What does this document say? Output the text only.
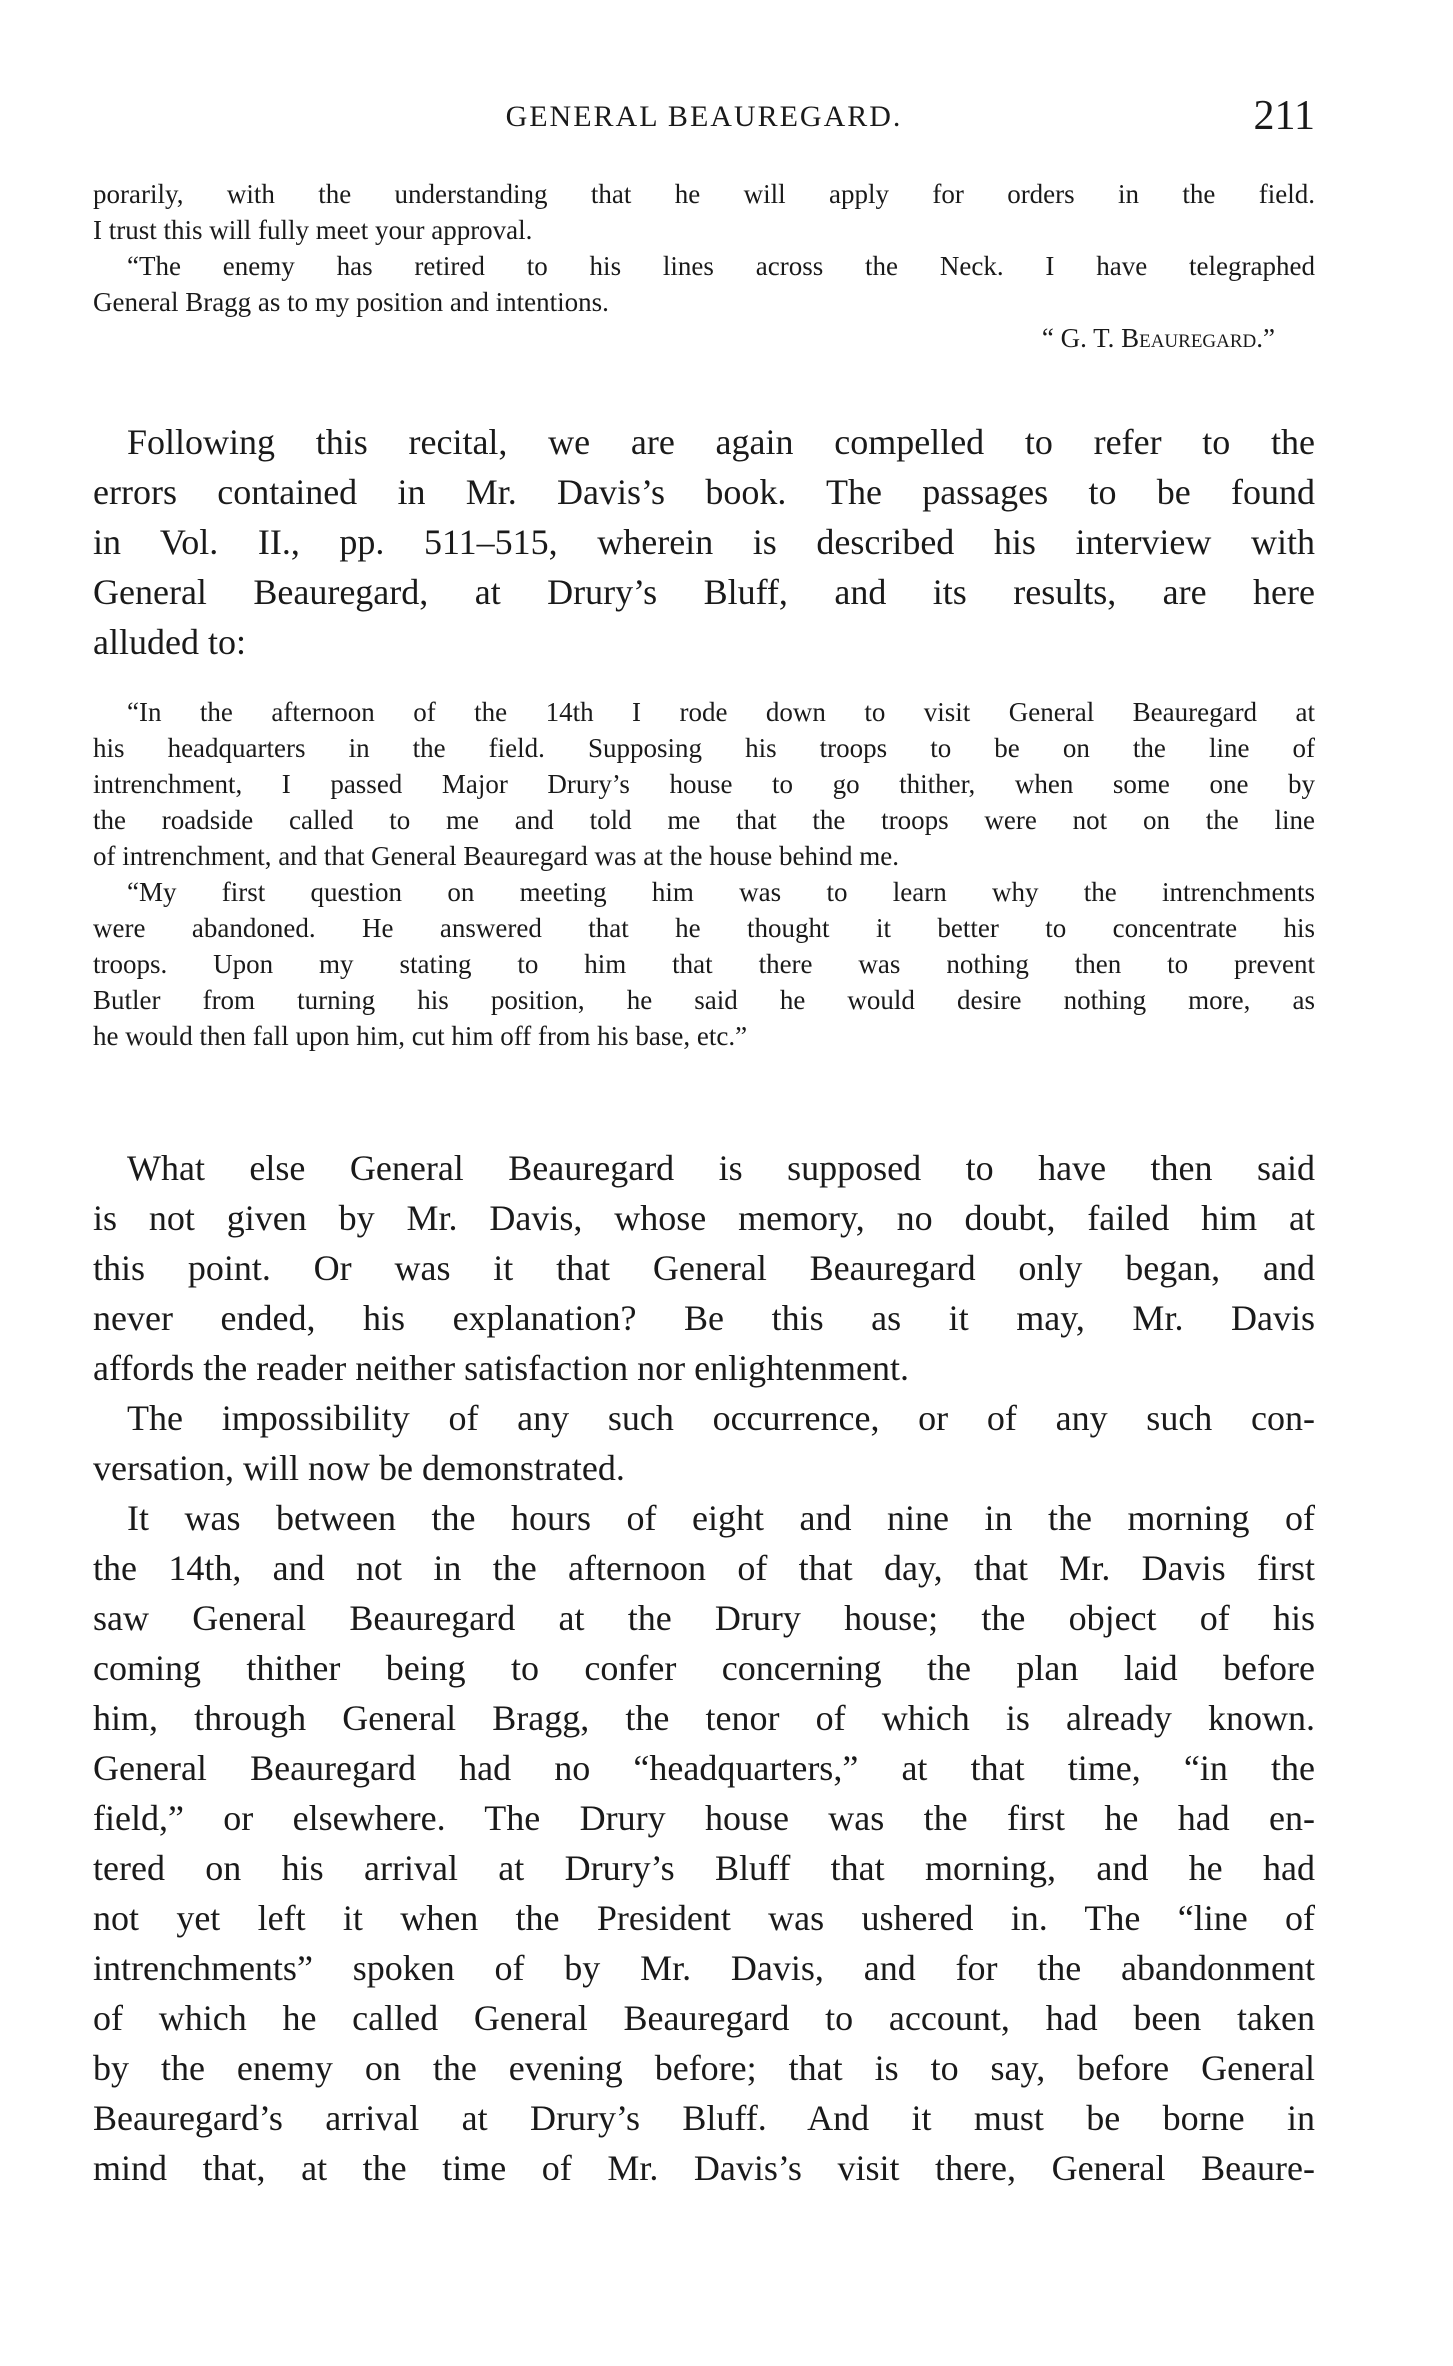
GENERAL BEAUREGARD.	211
porarily, with the understanding that he will apply for orders in the field.
I trust this will fully meet your approval.
“The enemy has retired to his lines across the Neck. I have telegraphed
General Bragg as to my position and intentions.
“ G. T. Beauregard.”
Following this recital, we are again compelled to refer to the
errors contained in Mr. Davis’s book. The passages to be found
in Vol. II., pp. 511–515, wherein is described his interview with
General Beauregard, at Drury’s Bluff, and its results, are here
alluded to:
“In the afternoon of the 14th I rode down to visit General Beauregard at
his headquarters in the field. Supposing his troops to be on the line of
intrenchment, I passed Major Drury’s house to go thither, when some one by
the roadside called to me and told me that the troops were not on the line
of intrenchment, and that General Beauregard was at the house behind me.
“My first question on meeting him was to learn why the intrenchments
were abandoned. He answered that he thought it better to concentrate his
troops. Upon my stating to him that there was nothing then to prevent
Butler from turning his position, he said he would desire nothing more, as
he would then fall upon him, cut him off from his base, etc.”
What else General Beauregard is supposed to have then said
is not given by Mr. Davis, whose memory, no doubt, failed him at
this point. Or was it that General Beauregard only began, and
never ended, his explanation? Be this as it may, Mr. Davis
affords the reader neither satisfaction nor enlightenment.
The impossibility of any such occurrence, or of any such con-
versation, will now be demonstrated.
It was between the hours of eight and nine in the morning of
the 14th, and not in the afternoon of that day, that Mr. Davis first
saw General Beauregard at the Drury house; the object of his
coming thither being to confer concerning the plan laid before
him, through General Bragg, the tenor of which is already known.
General Beauregard had no “headquarters,” at that time, “in the
field,” or elsewhere. The Drury house was the first he had en-
tered on his arrival at Drury’s Bluff that morning, and he had
not yet left it when the President was ushered in. The “line of
intrenchments” spoken of by Mr. Davis, and for the abandonment
of which he called General Beauregard to account, had been taken
by the enemy on the evening before; that is to say, before General
Beauregard’s arrival at Drury’s Bluff. And it must be borne in
mind that, at the time of Mr. Davis’s visit there, General Beaure-
